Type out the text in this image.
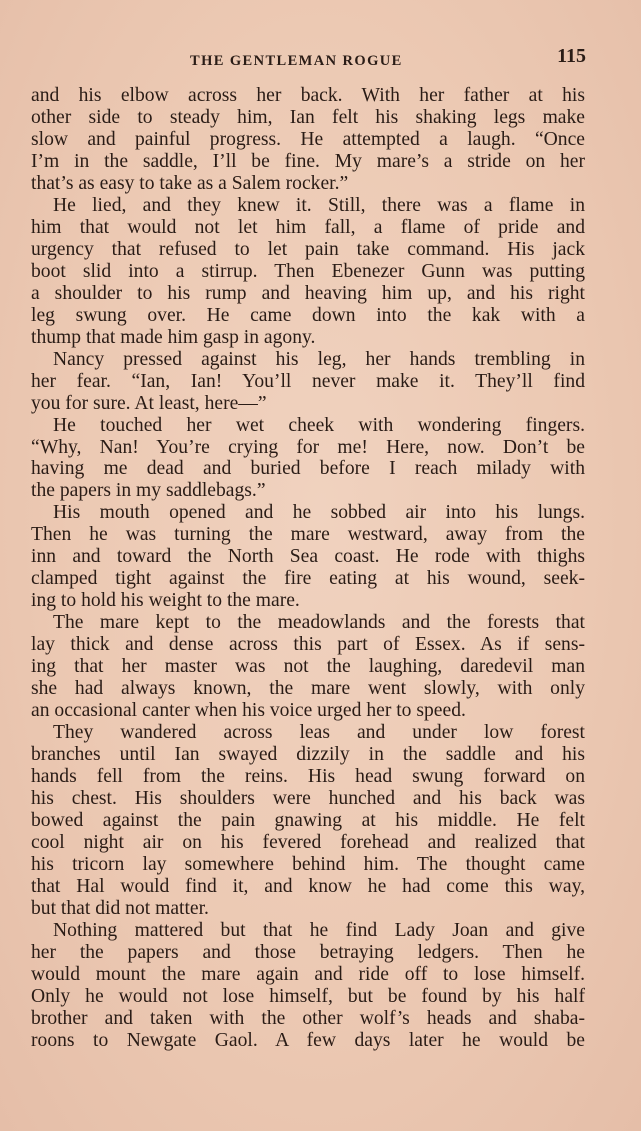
THE GENTLEMAN ROGUE	115
and his elbow across her back. With her father at his
other side to steady him, Ian felt his shaking legs make
slow and painful progress. He attempted a laugh. “Once
I’m in the saddle, I’ll be fine. My mare’s a stride on her
that’s as easy to take as a Salem rocker.”
He lied, and they knew it. Still, there was a flame in
him that would not let him fall, a flame of pride and
urgency that refused to let pain take command. His jack
boot slid into a stirrup. Then Ebenezer Gunn was putting
a shoulder to his rump and heaving him up, and his right
leg swung over. He came down into the kak with a
thump that made him gasp in agony.
Nancy pressed against his leg, her hands trembling in
her fear. “Ian, Ian! You’ll never make it. They’ll find
you for sure. At least, here—”
He touched her wet cheek with wondering fingers.
“Why, Nan! You’re crying for me! Here, now. Don’t be
having me dead and buried before I reach milady with
the papers in my saddlebags.”
His mouth opened and he sobbed air into his lungs.
Then he was turning the mare westward, away from the
inn and toward the North Sea coast. He rode with thighs
clamped tight against the fire eating at his wound, seek-
ing to hold his weight to the mare.
The mare kept to the meadowlands and the forests that
lay thick and dense across this part of Essex. As if sens-
ing that her master was not the laughing, daredevil man
she had always known, the mare went slowly, with only
an occasional canter when his voice urged her to speed.
They wandered across leas and under low forest
branches until Ian swayed dizzily in the saddle and his
hands fell from the reins. His head swung forward on
his chest. His shoulders were hunched and his back was
bowed against the pain gnawing at his middle. He felt
cool night air on his fevered forehead and realized that
his tricorn lay somewhere behind him. The thought came
that Hal would find it, and know he had come this way,
but that did not matter.
Nothing mattered but that he find Lady Joan and give
her the papers and those betraying ledgers. Then he
would mount the mare again and ride off to lose himself.
Only he would not lose himself, but be found by his half
brother and taken with the other wolf’s heads and shaba-
roons to Newgate Gaol. A few days later he would be
